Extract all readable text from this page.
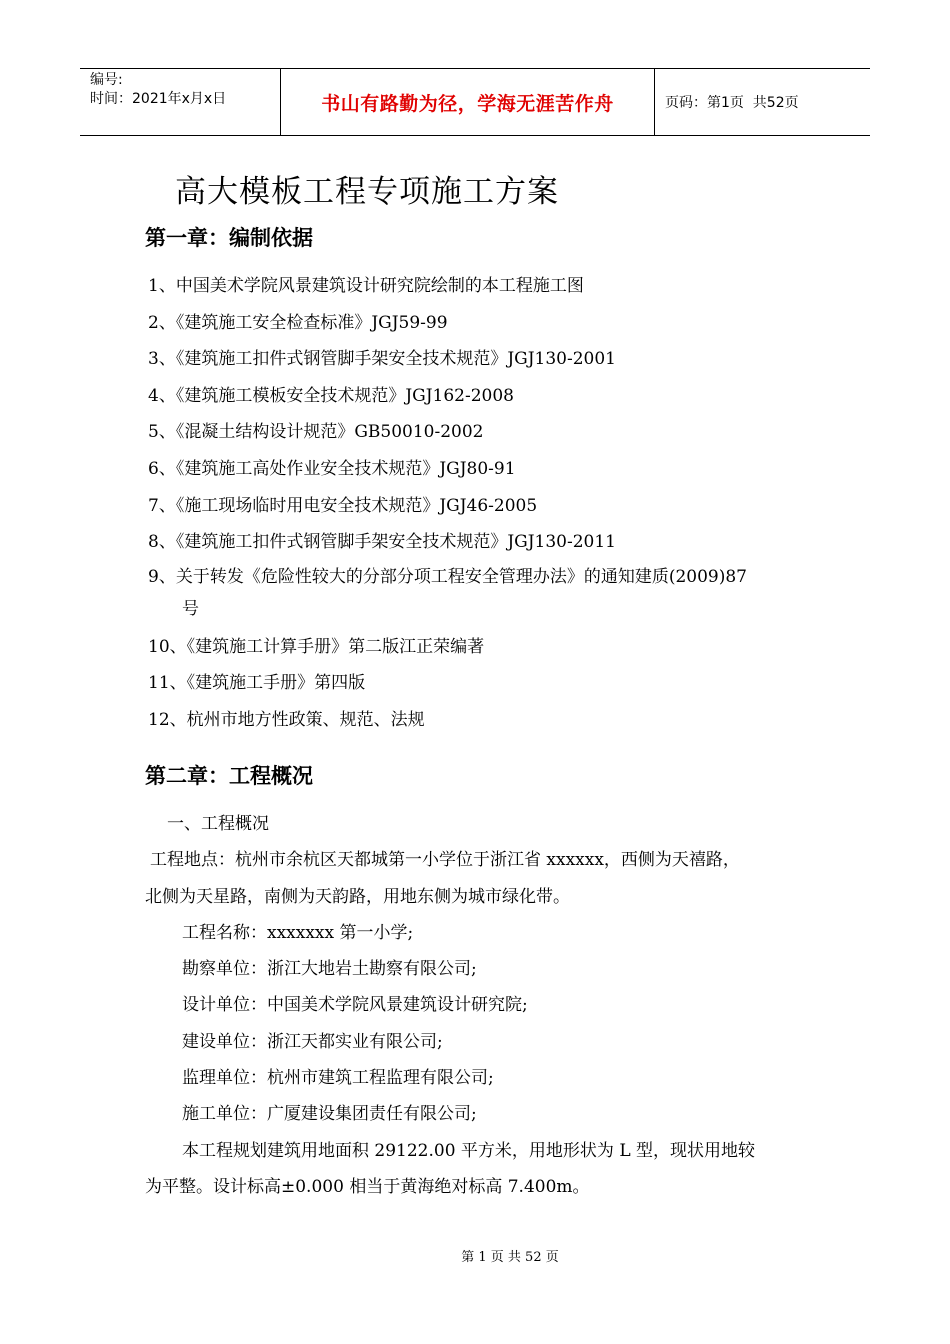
编号:
时间：2021年x月x日	书山有路勤为径，学海无涯苦作舟	页码：第1页  共52页
高大模板工程专项施工方案
第一章：编制依据
1、中国美术学院风景建筑设计研究院绘制的本工程施工图
2、《建筑施工安全检查标准》JGJ59-99
3、《建筑施工扣件式钢管脚手架安全技术规范》JGJ130-2001
4、《建筑施工模板安全技术规范》JGJ162-2008
5、《混凝土结构设计规范》GB50010-2002
6、《建筑施工高处作业安全技术规范》JGJ80-91
7、《施工现场临时用电安全技术规范》JGJ46-2005
8、《建筑施工扣件式钢管脚手架安全技术规范》JGJ130-2011
9、关于转发《危险性较大的分部分项工程安全管理办法》的通知建质(2009)87
号
10、《建筑施工计算手册》第二版江正荣编著
11、《建筑施工手册》第四版
12、杭州市地方性政策、规范、法规
第二章：工程概况

一、工程概况

工程地点：杭州市余杭区天都城第一小学位于浙江省 xxxxxx，西侧为天禧路，

北侧为天星路，南侧为天韵路，用地东侧为城市绿化带。

工程名称：xxxxxxx 第一小学;

勘察单位：浙江大地岩土勘察有限公司;

设计单位：中国美术学院风景建筑设计研究院;

建设单位：浙江天都实业有限公司;

监理单位：杭州市建筑工程监理有限公司;

施工单位：广厦建设集团责任有限公司;

本工程规划建筑用地面积 29122.00 平方米，用地形状为 L 型，现状用地较

为平整。设计标高±0.000 相当于黄海绝对标高 7.400m。

第 1 页 共 52 页
